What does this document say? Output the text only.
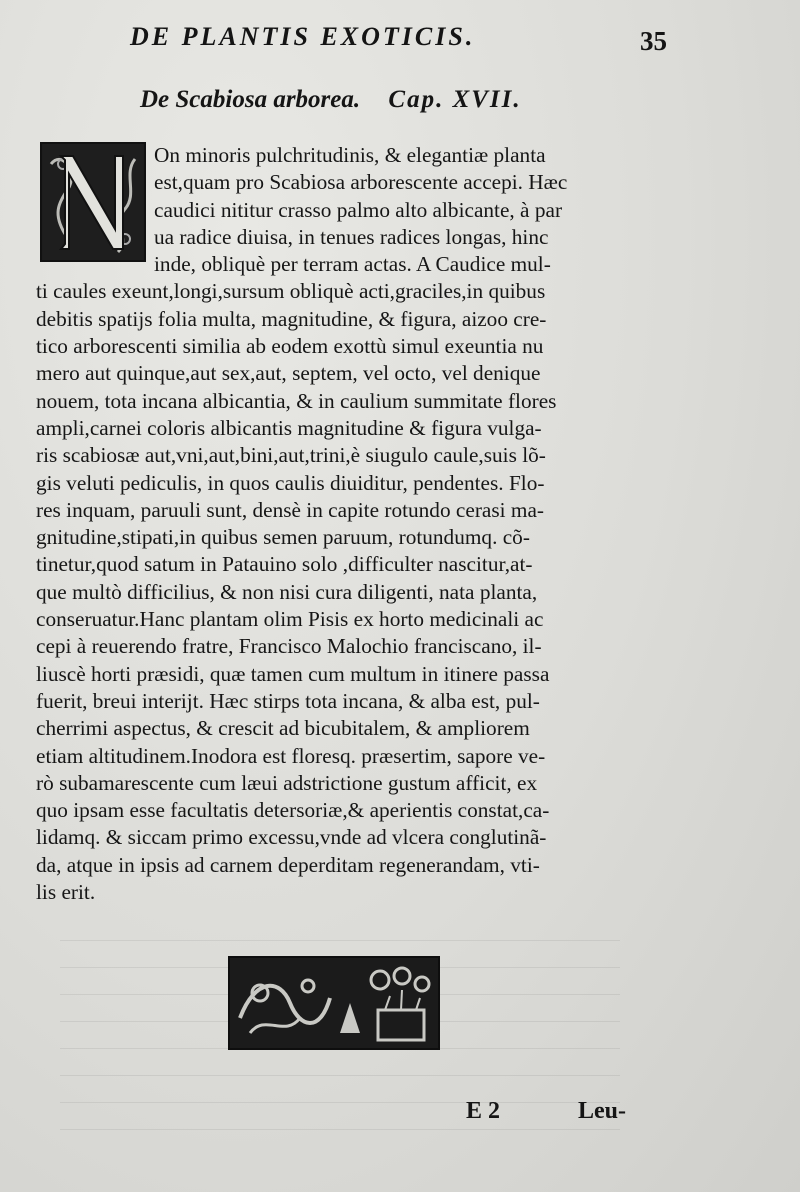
DE PLANTIS EXOTICIS.	35
De Scabiosa arborea. Cap. XVII.
On minoris pulchritudinis, & elegantiæ planta
est,quam pro Scabiosa arborescente accepi. Hæc
caudici nititur crasso palmo alto albicante, à par
ua radice diuisa, in tenues radices longas, hinc
inde, obliquè per terram actas. A Caudice mul-
ti caules exeunt,longi,sursum obliquè acti,graciles,in quibus
debitis spatijs folia multa, magnitudine, & figura, aizoo cre-
tico arborescenti similia ab eodem exottù simul exeuntia nu
mero aut quinque,aut sex,aut, septem, vel octo, vel denique
nouem, tota incana albicantia, & in caulium summitate flores
ampli,carnei coloris albicantis magnitudine & figura vulga-
ris scabiosæ aut,vni,aut,bini,aut,trini,è siugulo caule,suis lõ-
gis veluti pediculis, in quos caulis diuiditur, pendentes. Flo-
res inquam, paruuli sunt, densè in capite rotundo cerasi ma-
gnitudine,stipati,in quibus semen paruum, rotundumq. cõ-
tinetur,quod satum in Patauino solo ,difficulter nascitur,at-
que multò difficilius, & non nisi cura diligenti, nata planta,
conseruatur.Hanc plantam olim Pisis ex horto medicinali ac
cepi à reuerendo fratre, Francisco Malochio franciscano, il-
liuscè horti præsidi, quæ tamen cum multum in itinere passa
fuerit, breui interijt. Hæc stirps tota incana, & alba est, pul-
cherrimi aspectus, & crescit ad bicubitalem, & ampliorem
etiam altitudinem.Inodora est floresq. præsertim, sapore ve-
rò subamarescente cum læui adstrictione gustum afficit, ex
quo ipsam esse facultatis detersoriæ,& aperientis constat,ca-
lidamq. & siccam primo excessu,vnde ad vlcera conglutinã-
da, atque in ipsis ad carnem deperditam regenerandam, vti-
lis erit.
E 2	Leu-
